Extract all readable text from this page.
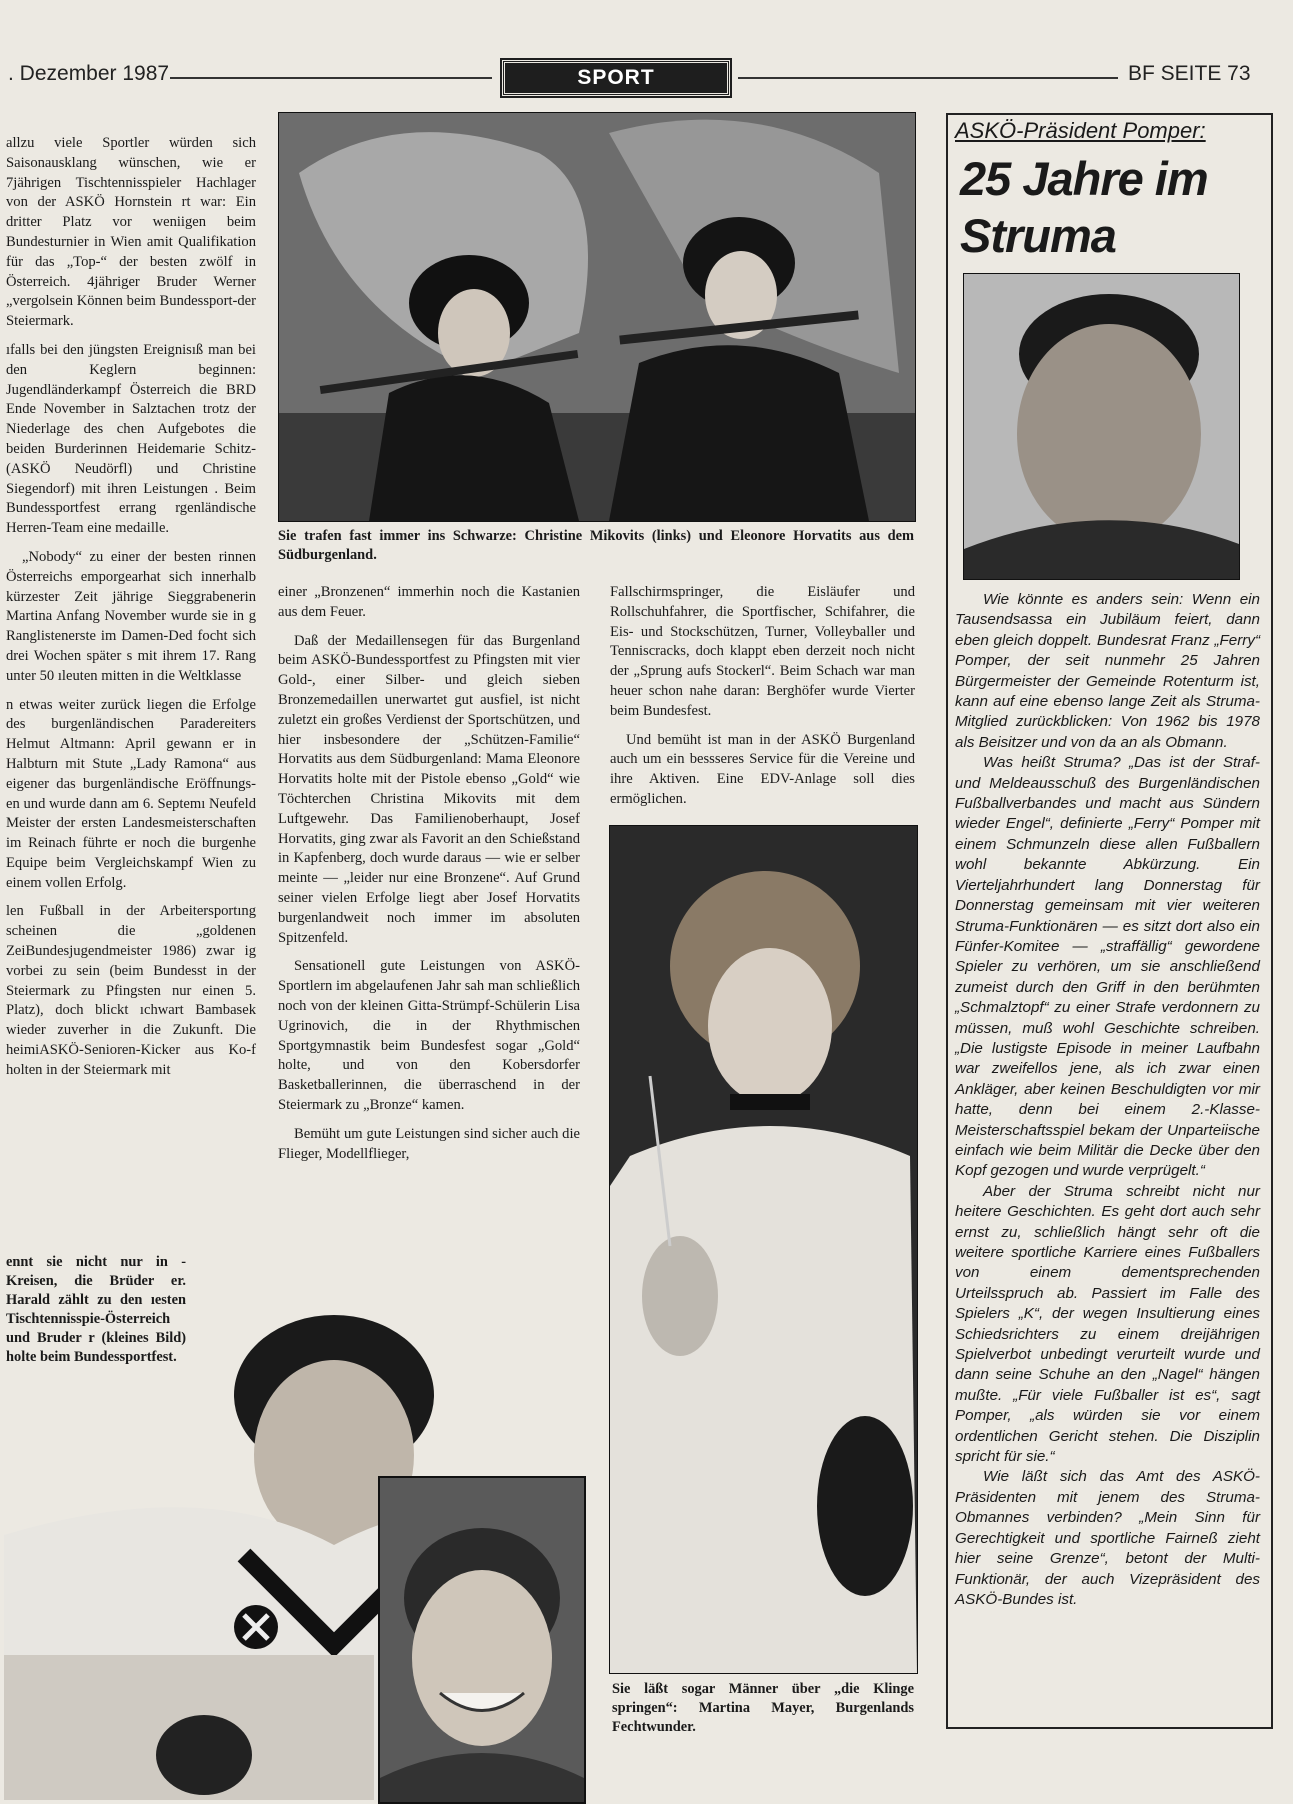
. Dezember 1987	SPORT	BF SEITE 73

allzu viele Sportler würden sich Saisonausklang wünschen, wie er 7jährigen Tischtennisspieler Hachlager von der ASKÖ Hornstein rt war: Ein dritter Platz vor weniigen beim Bundesturnier in Wien amit Qualifikation für das „Top-“ der besten zwölf in Österreich. 4jähriger Bruder Werner „vergolsein Können beim Bundessport-der Steiermark.

ıfalls bei den jüngsten Ereignisıß man bei den Keglern beginnen: Jugendländerkampf Österreich die BRD Ende November in Salztachen trotz der Niederlage des chen Aufgebotes die beiden Burderinnen Heidemarie Schitz-(ASKÖ Neudörfl) und Christine Siegendorf) mit ihren Leistungen . Beim Bundessportfest errang rgenländische Herren-Team eine medaille.

„Nobody“ zu einer der besten rinnen Österreichs emporgearhat sich innerhalb kürzester Zeit jährige Sieggrabenerin Martina Anfang November wurde sie in g Ranglistenerste im Damen-Ded focht sich drei Wochen später s mit ihrem 17. Rang unter 50 ıleuten mitten in die Weltklasse

n etwas weiter zurück liegen die Erfolge des burgenländischen Paradereiters Helmut Altmann: April gewann er in Halbturn mit Stute „Lady Ramona“ aus eigener das burgenländische Eröffnungs-en und wurde dann am 6. Septemı Neufeld Meister der ersten Landesmeisterschaften im Reinach führte er noch die burgenhe Equipe beim Vergleichskampf Wien zu einem vollen Erfolg.

len Fußball in der Arbeitersportıng scheinen die „goldenen ZeiBundesjugendmeister 1986) zwar ig vorbei zu sein (beim Bundesst in der Steiermark zu Pfingsten nur einen 5. Platz), doch blickt ıchwart Bambasek wieder zuverher in die Zukunft. Die heimiASKÖ-Senioren-Kicker aus Ko-f holten in der Steiermark mit

Sie trafen fast immer ins Schwarze: Christine Mikovits (links) und Eleonore Horvatits aus dem Südburgenland.

einer „Bronzenen“ immerhin noch die Kastanien aus dem Feuer.

Daß der Medaillensegen für das Burgenland beim ASKÖ-Bundessportfest zu Pfingsten mit vier Gold-, einer Silber- und gleich sieben Bronzemedaillen unerwartet gut ausfiel, ist nicht zuletzt ein großes Verdienst der Sportschützen, und hier insbesondere der „Schützen-Familie“ Horvatits aus dem Südburgenland: Mama Eleonore Horvatits holte mit der Pistole ebenso „Gold“ wie Töchterchen Christina Mikovits mit dem Luftgewehr. Das Familienoberhaupt, Josef Horvatits, ging zwar als Favorit an den Schießstand in Kapfenberg, doch wurde daraus — wie er selber meinte — „leider nur eine Bronzene“. Auf Grund seiner vielen Erfolge liegt aber Josef Horvatits burgenlandweit noch immer im absoluten Spitzenfeld.

Sensationell gute Leistungen von ASKÖ-Sportlern im abgelaufenen Jahr sah man schließlich noch von der kleinen Gitta-Strümpf-Schülerin Lisa Ugrinovich, die in der Rhythmischen Sportgymnastik beim Bundesfest sogar „Gold“ holte, und von den Kobersdorfer Basketballerinnen, die überraschend in der Steiermark zu „Bronze“ kamen.

Bemüht um gute Leistungen sind sicher auch die Flieger, Modellflieger,

Fallschirmspringer, die Eisläufer und Rollschuhfahrer, die Sportfischer, Schifahrer, die Eis- und Stockschützen, Turner, Volleyballer und Tenniscracks, doch klappt eben derzeit noch nicht der „Sprung aufs Stockerl“. Beim Schach war man heuer schon nahe daran: Berghöfer wurde Vierter beim Bundesfest.

Und bemüht ist man in der ASKÖ Burgenland auch um ein bessseres Service für die Vereine und ihre Aktiven. Eine EDV-Anlage soll dies ermöglichen.

Sie läßt sogar Männer über „die Klinge springen“: Martina Mayer, Burgenlands Fechtwunder.
ennt sie nicht nur in -Kreisen, die Brüder er. Harald zählt zu den ıesten Tischtennisspie-Österreich und Bruder r (kleines Bild) holte beim Bundessportfest.
ASKÖ-Präsident Pomper:
25 Jahre im Struma

Wie könnte es anders sein: Wenn ein Tausendsassa ein Jubiläum feiert, dann eben gleich doppelt. Bundesrat Franz „Ferry“ Pomper, der seit nunmehr 25 Jahren Bürgermeister der Gemeinde Rotenturm ist, kann auf eine ebenso lange Zeit als Struma-Mitglied zurückblicken: Von 1962 bis 1978 als Beisitzer und von da an als Obmann.

Was heißt Struma? „Das ist der Straf- und Meldeausschuß des Burgenländischen Fußballverbandes und macht aus Sündern wieder Engel“, definierte „Ferry“ Pomper mit einem Schmunzeln diese allen Fußballern wohl bekannte Abkürzung. Ein Vierteljahrhundert lang Donnerstag für Donnerstag gemeinsam mit vier weiteren Struma-Funktionären — es sitzt dort also ein Fünfer-Komitee — „straffällig“ gewordene Spieler zu verhören, um sie anschließend zumeist durch den Griff in den berühmten „Schmalztopf“ zu einer Strafe verdonnern zu müssen, muß wohl Geschichte schreiben. „Die lustigste Episode in meiner Laufbahn war zweifellos jene, als ich zwar einen Ankläger, aber keinen Beschuldigten vor mir hatte, denn bei einem 2.-Klasse-Meisterschaftsspiel bekam der Unparteiische einfach wie beim Militär die Decke über den Kopf gezogen und wurde verprügelt.“

Aber der Struma schreibt nicht nur heitere Geschichten. Es geht dort auch sehr ernst zu, schließlich hängt sehr oft die weitere sportliche Karriere eines Fußballers von einem dementsprechenden Urteilsspruch ab. Passiert im Falle des Spielers „K“, der wegen Insultierung eines Schiedsrichters zu einem dreijährigen Spielverbot unbedingt verurteilt wurde und dann seine Schuhe an den „Nagel“ hängen mußte. „Für viele Fußballer ist es“, sagt Pomper, „als würden sie vor einem ordentlichen Gericht stehen. Die Disziplin spricht für sie.“

Wie läßt sich das Amt des ASKÖ-Präsidenten mit jenem des Struma-Obmannes verbinden? „Mein Sinn für Gerechtigkeit und sportliche Fairneß zieht hier seine Grenze“, betont der Multi-Funktionär, der auch Vizepräsident des ASKÖ-Bundes ist.
